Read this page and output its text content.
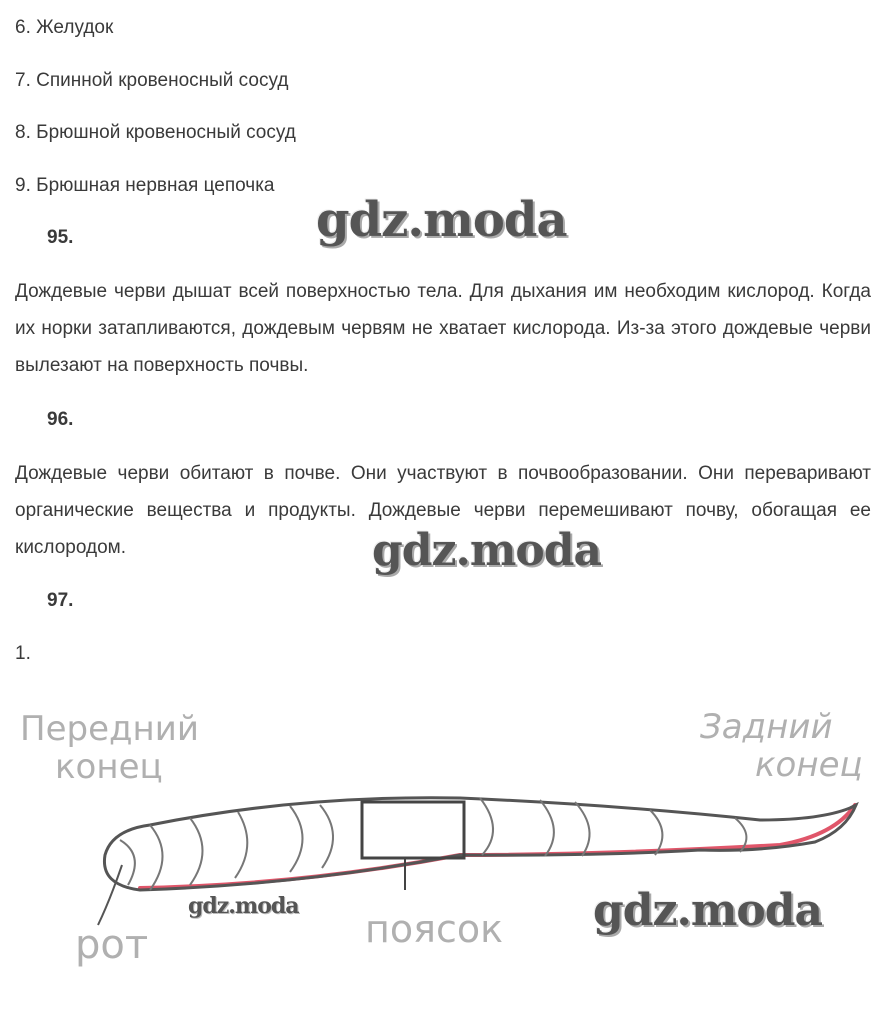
6. Желудок
7. Спинной кровеносный сосуд
8. Брюшной кровеносный сосуд
9. Брюшная нервная цепочка
95.
Дождевые черви дышат всей поверхностью тела. Для дыхания им необходим кислород. Когда их норки затапливаются, дождевым червям не хватает кислорода. Из-за этого дождевые черви вылезают на поверхность почвы.
96.
Дождевые черви обитают в почве. Они участвуют в почвообразовании. Они переваривают органические вещества и продукты. Дождевые черви перемешивают почву, обогащая ее кислородом.
97.
1.
gdz.moda
gdz.moda
gdz.moda	gdz.moda
Передний
конец
Задний
конец
рот	поясок
